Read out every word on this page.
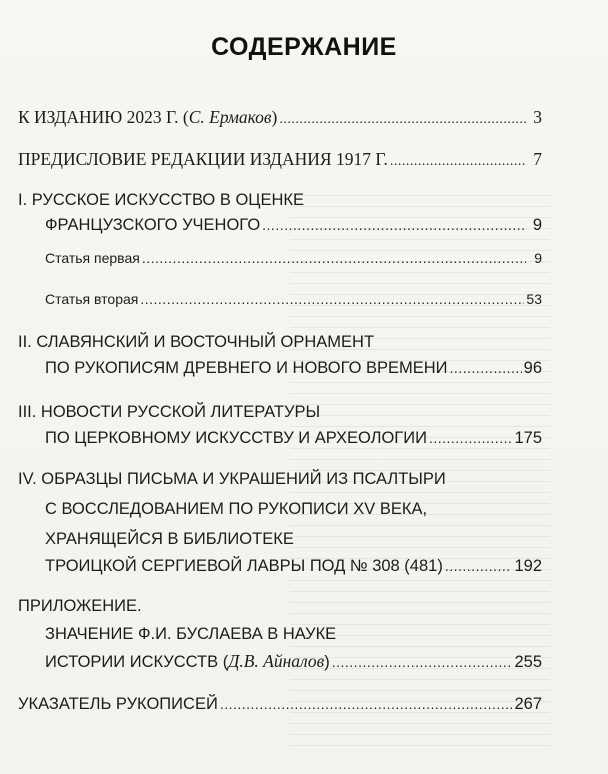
СОДЕРЖАНИЕ
К ИЗДАНИЮ 2023 Г. (С. Ермаков) .....	3
ПРЕДИСЛОВИЕ РЕДАКЦИИ ИЗДАНИЯ 1917 Г. .....	7
I. РУССКОЕ ИСКУССТВО В ОЦЕНКЕ
ФРАНЦУЗСКОГО УЧЕНОГО .....	9
Статья первая .....	9
Статья вторая .....	53
II. СЛАВЯНСКИЙ И ВОСТОЧНЫЙ ОРНАМЕНТ
ПО РУКОПИСЯМ ДРЕВНЕГО И НОВОГО ВРЕМЕНИ .....	96
III. НОВОСТИ РУССКОЙ ЛИТЕРАТУРЫ
ПО ЦЕРКОВНОМУ ИСКУССТВУ И АРХЕОЛОГИИ .....	175
IV. ОБРАЗЦЫ ПИСЬМА И УКРАШЕНИЙ ИЗ ПСАЛТЫРИ
С ВОССЛЕДОВАНИЕМ ПО РУКОПИСИ XV ВЕКА,
ХРАНЯЩЕЙСЯ В БИБЛИОТЕКЕ
ТРОИЦКОЙ СЕРГИЕВОЙ ЛАВРЫ ПОД № 308 (481) .....	192
ПРИЛОЖЕНИЕ.
ЗНАЧЕНИЕ Ф.И. БУСЛАЕВА В НАУКЕ
ИСТОРИИ ИСКУССТВ (Д.В. Айналов) .....	255
УКАЗАТЕЛЬ РУКОПИСЕЙ .....	267
